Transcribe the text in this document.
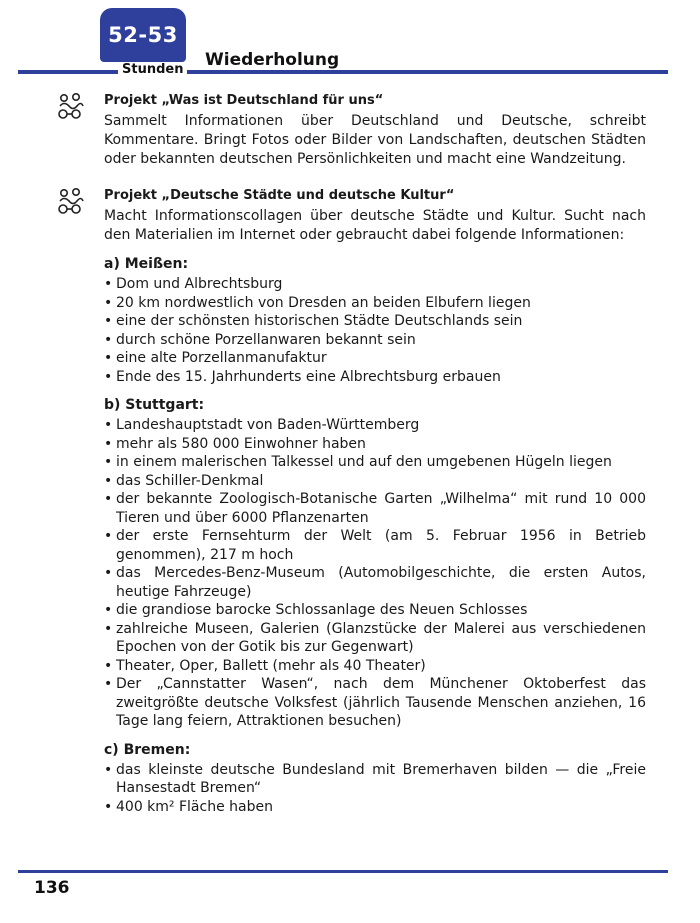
52-53
Stunden Wiederholung
Projekt „Was ist Deutschland für uns“
Sammelt Informationen über Deutschland und Deutsche, schreibt Kommentare. Bringt Fotos oder Bilder von Landschaften, deutschen Städten oder bekannten deutschen Persönlichkeiten und macht eine Wandzeitung.
Projekt „Deutsche Städte und deutsche Kultur“
Macht Informationscollagen über deutsche Städte und Kultur. Sucht nach den Materialien im Internet oder gebraucht dabei folgende Informationen:
a) Meißen:
• Dom und Albrechtsburg
• 20 km nordwestlich von Dresden an beiden Elbufern liegen
• eine der schönsten historischen Städte Deutschlands sein
• durch schöne Porzellanwaren bekannt sein
• eine alte Porzellanmanufaktur
• Ende des 15. Jahrhunderts eine Albrechtsburg erbauen
b) Stuttgart:
• Landeshauptstadt von Baden-Württemberg
• mehr als 580 000 Einwohner haben
• in einem malerischen Talkessel und auf den umgebenen Hügeln liegen
• das Schiller-Denkmal
• der bekannte Zoologisch-Botanische Garten „Wilhelma“ mit rund 10 000 Tieren und über 6000 Pflanzenarten
• der erste Fernsehturm der Welt (am 5. Februar 1956 in Betrieb genommen), 217 m hoch
• das Mercedes-Benz-Museum (Automobilgeschichte, die ersten Autos, heutige Fahrzeuge)
• die grandiose barocke Schlossanlage des Neuen Schlosses
• zahlreiche Museen, Galerien (Glanzstücke der Malerei aus verschiedenen Epochen von der Gotik bis zur Gegenwart)
• Theater, Oper, Ballett (mehr als 40 Theater)
• Der „Cannstatter Wasen“, nach dem Münchener Oktoberfest das zweitgrößte deutsche Volksfest (jährlich Tausende Menschen anziehen, 16 Tage lang feiern, Attraktionen besuchen)
c) Bremen:
• das kleinste deutsche Bundesland mit Bremerhaven bilden — die „Freie Hansestadt Bremen“
• 400 km² Fläche haben
136
